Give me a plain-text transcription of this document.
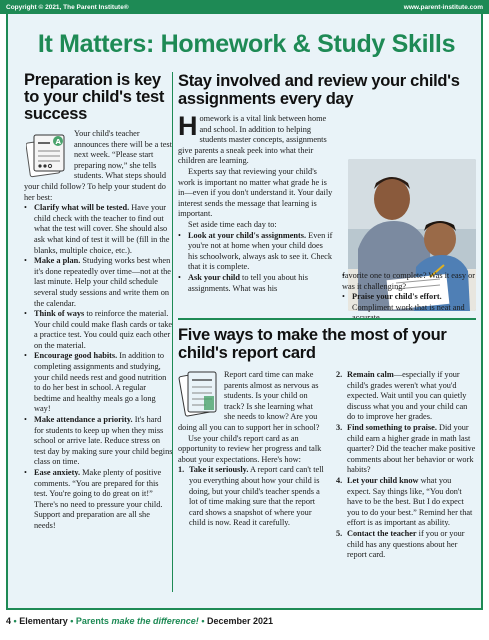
Copyright © 2021, The Parent Institute®	www.parent-institute.com
It Matters: Homework & Study Skills
Preparation is key to your child's test success
A
Your child's teacher announces there will be a test next week. “Please start preparing now,” she tells students. What steps should your child follow? To help your student do her best:
• Clarify what will be tested. Have your child check with the teacher to find out what the test will cover. She should also ask what kind of test it will be (fill in the blanks, multiple choice, etc.).
• Make a plan. Studying works best when it's done repeatedly over time—not at the last minute. Help your child schedule several study sessions and write them on the calendar.
• Think of ways to reinforce the material. Your child could make flash cards or take a practice test. You could quiz each other on the material.
• Encourage good habits. In addition to completing assignments and studying, your child needs rest and good nutrition to do her best in school. A regular bedtime and healthy meals go a long way!
• Make attendance a priority. It's hard for students to keep up when they miss school or arrive late. Reduce stress on test day by making sure your child begins class on time.
• Ease anxiety. Make plenty of positive comments. “You are prepared for this test. You're going to do great on it!” There's no need to pressure your child. Support and preparation are all she needs!
Stay involved and review your child's assignments every day
Homework is a vital link between home and school. In addition to helping students master concepts, assignments give parents a sneak peek into what their children are learning.
Experts say that reviewing your child's work is important no matter what grade he is in—even if you don't understand it. Your daily interest sends the message that learning is important.
Set aside time each day to:
• Look at your child's assignments. Even if you're not at home when your child does his schoolwork, always ask to see it. Check that it is complete.
• Ask your child to tell you about his assignments. What was his
• favorite one to complete? Was it easy or was it challenging?
• Praise your child's effort. Compliment work that is neat and
Five ways to make the most of your child's report card
Report card time can make parents almost as nervous as students. Is your child on track? Is she learning what she needs to know? Are you doing all you can to support her in school?
Use your child's report card as an opportunity to review her progress and talk about your expectations. Here's how:
1. Take it seriously. A report card can't tell you everything about how your child is doing, but your child's teacher spends a lot of time making sure that the report card shows a snapshot of where your child is now. Read it carefully.
2. Remain calm—especially if your child's grades weren't what you'd expected. Wait until you can quietly discuss what you and your child can do to improve her grades.
3. Find something to praise. Did your child earn a higher grade in math last quarter? Did the teacher make positive comments about her behavior or work habits?
4. Let your child know what you expect. Say things like, “You don't have to be the best. But I do expect you to do your best.” Remind her that effort is as important as ability.
5. Contact the teacher if you or your child has any questions about her report card.
4 • Elementary • Parents make the difference! • December 2021
